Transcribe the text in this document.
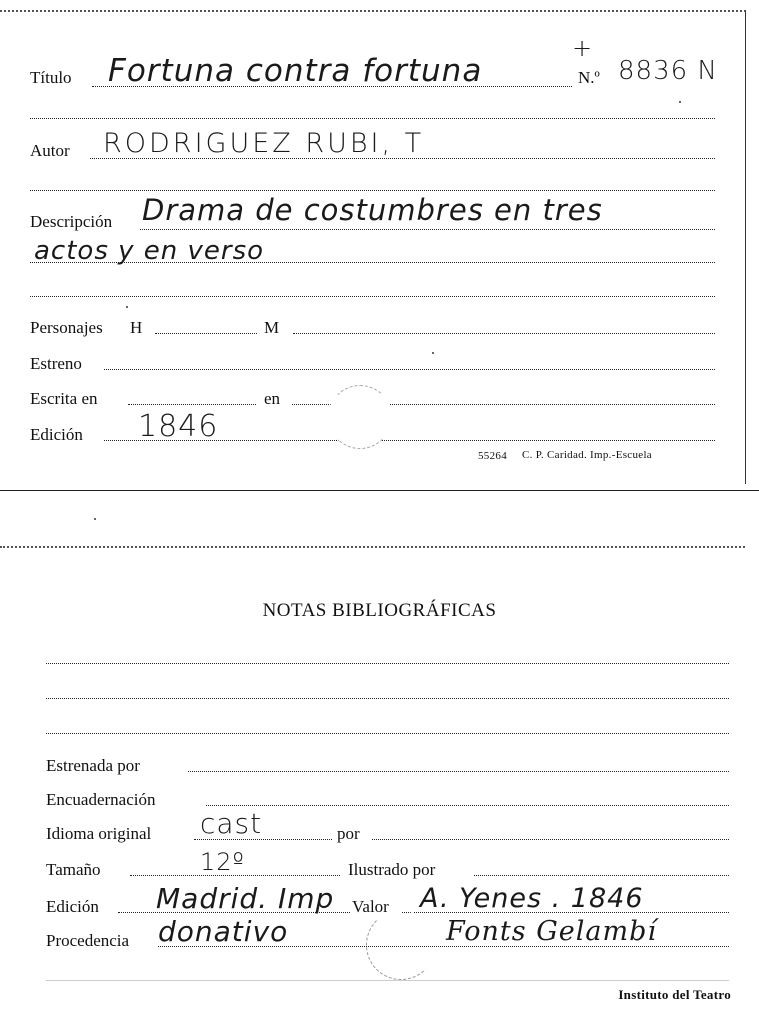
Título Fortuna contra fortuna
+
N.º 8836 N
Autor RODRIGUEZ RUBI, T
Descripción Drama de costumbres en tres
actos y en verso
Personajes H	M
Estreno
Escrita en	en
Edición 1846
55264 C. P. Caridad. Imp.-Escuela
NOTAS BIBLIOGRÁFICAS
Estrenada por
Encuadernación
Idioma original cast	por
Tamaño	12º	Ilustrado por
Edición Madrid. Imp Valor A. Yenes . 1846
Procedencia donativo	Fonts Gelambí
Instituto del Teatro
